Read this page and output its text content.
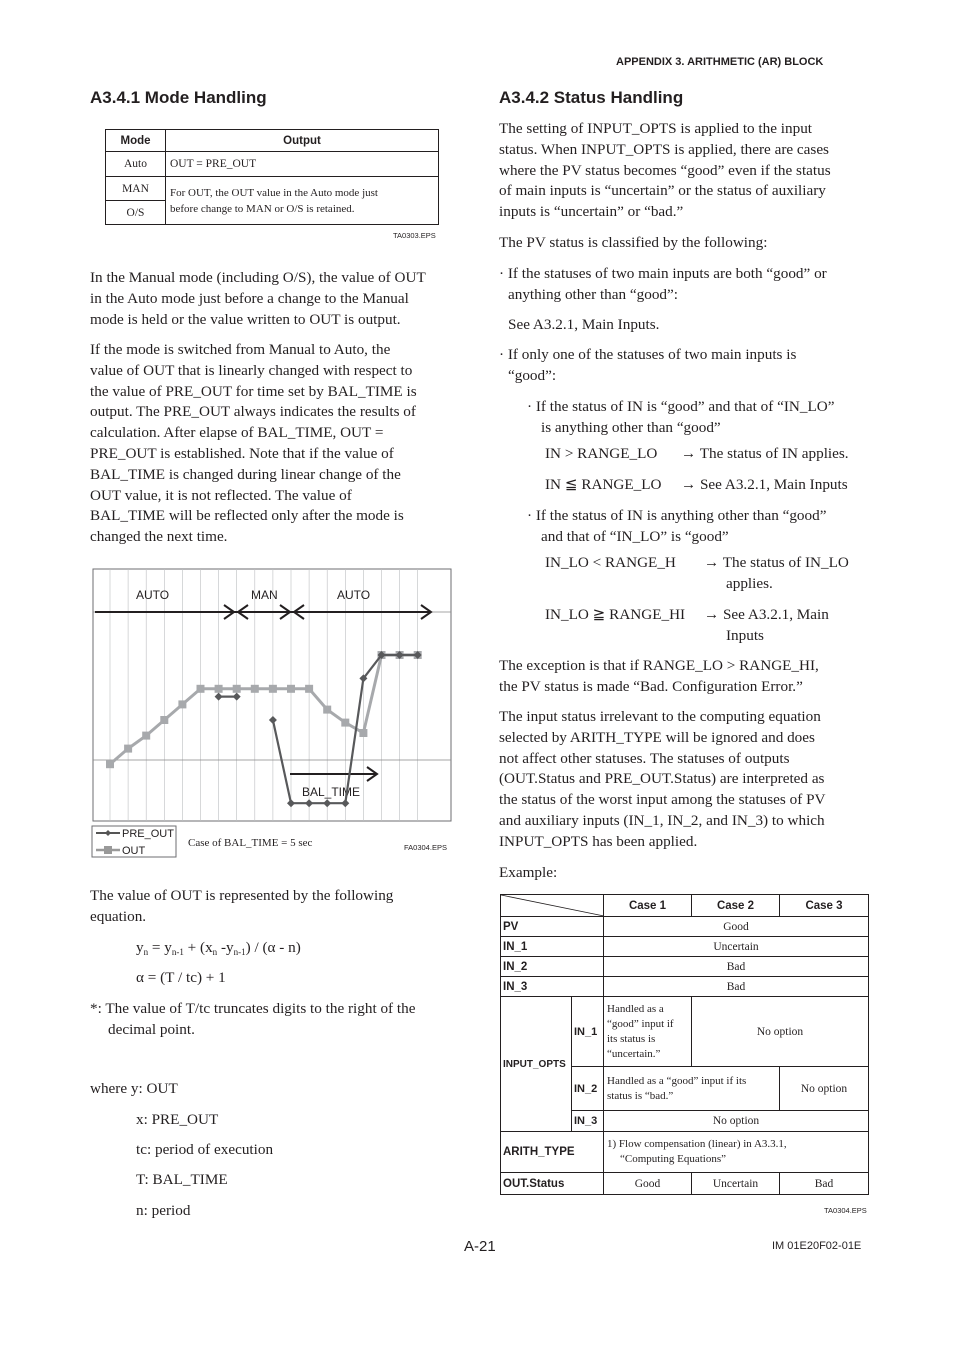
APPENDIX 3. ARITHMETIC (AR) BLOCK
A3.4.1 Mode Handling
Mode	Output
Auto	OUT = PRE_OUT
MAN	For OUT, the OUT value in the Auto mode just
before change to MAN or O/S is retained.

O/S	
TA0303.EPS
In the Manual mode (including O/S), the value of OUT
in the Auto mode just before a change to the Manual
mode is held or the value written to OUT is output.
If the mode is switched from Manual to Auto, the
value of OUT that is linearly changed with respect to
the value of PRE_OUT for time set by BAL_TIME is
output. The PRE_OUT always indicates the results of
calculation. After elapse of BAL_TIME, OUT =
PRE_OUT is established. Note that if the value of
BAL_TIME is changed during linear change of the
OUT value, it is not reflected. The value of
BAL_TIME will be reflected only after the mode is
changed the next time.
AUTO	MAN	AUTO
BAL_TIME
PRE_OUT
OUT
Case of BAL_TIME = 5 sec	FA0304.EPS
The value of OUT is represented by the following
equation.
$y_n = y_{n-1} + (x_n$ $-y_{n-1}) / (\alpha - n)$
α = (T / tc) + 1
*: The value of T/tc truncates digits to the right of the
decimal point.
where y: OUT
x: PRE_OUT
tc: period of execution
T: BAL_TIME
n: period
A3.4.2 Status Handling
The setting of INPUT_OPTS is applied to the input
status. When INPUT_OPTS is applied, there are cases
where the PV status becomes “good” even if the status
of main inputs is “uncertain” or the status of auxiliary
inputs is “uncertain” or “bad.”
The PV status is classified by the following:
· If the statuses of two main inputs are both “good” or
anything other than “good”:
See A3.2.1, Main Inputs.
· If only one of the statuses of two main inputs is
“good”:
· If the status of IN is “good” and that of “IN_LO”
is anything other than “good”
IN > RANGE_LO → The status of IN applies.
IN ≦ RANGE_LO → See A3.2.1, Main Inputs
· If the status of IN is anything other than “good”
and that of “IN_LO” is “good”
IN_LO < RANGE_H → The status of IN_LO
applies.
IN_LO ≧ RANGE_HI → See A3.2.1, Main
Inputs
The exception is that if RANGE_LO > RANGE_HI,
the PV status is made “Bad. Configuration Error.”
The input status irrelevant to the computing equation
selected by ARITH_TYPE will be ignored and does
not affect other statuses. The statuses of outputs
(OUT.Status and PRE_OUT.Status) are interpreted as
the status of the worst input among the statuses of PV
and auxiliary inputs (IN_1, IN_2, and IN_3) to which
INPUT_OPTS has been applied.
Example:
	Case 1	Case 2	Case 3
PV		Good		
IN_1		Uncertain		
IN_2		Bad		
IN_3		Bad		
INPUT_OPTS	IN_1	Handled as a
“good” input if
its status is
“uncertain.”	No option	
	IN_2	Handled as a “good” input if its
status is “bad.”		No option
	IN_3	No option		
ARITH_TYPE		1) Flow compensation (linear) in A3.3.1,
“Computing Equations”		

OUT.Status		Good	Uncertain	Bad
TA0304.EPS
A-21	IM 01E20F02-01E
